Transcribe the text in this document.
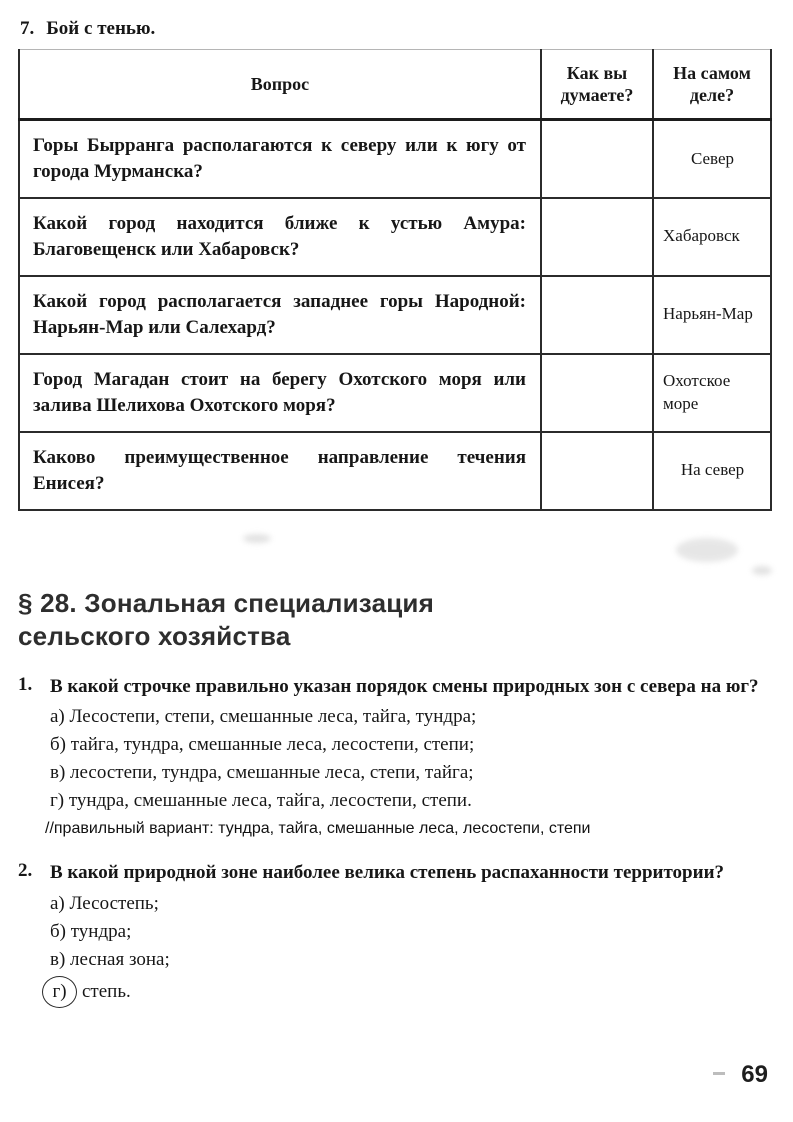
7. Бой с тенью.
Вопрос	Как вы думаете?	На самом деле?
Горы Бырранга располагаются к северу или к югу от города Мурманска?		Север
Какой город находится ближе к устью Амура: Благовещенск или Хабаровск?		Хабаровск
Какой город располагается западнее горы Народной: Нарьян-Мар или Салехард?		Нарьян-Мар
Город Магадан стоит на берегу Охотского моря или залива Шелихова Охотского моря?		Охотское море
Каково преимущественное направление течения Енисея?		На север
§ 28. Зональная специализация
сельского хозяйства
1. В какой строчке правильно указан порядок смены природных зон с севера на юг?
а) Лесостепи, степи, смешанные леса, тайга, тундра;
б) тайга, тундра, смешанные леса, лесостепи, степи;
в) лесостепи, тундра, смешанные леса, степи, тайга;
г) тундра, смешанные леса, тайга, лесостепи, степи.
//правильный вариант: тундра, тайга, смешанные леса, лесостепи, степи
2. В какой природной зоне наиболее велика степень распаханности территории?
а) Лесостепь;
б) тундра;
в) лесная зона;
г) степь.
69
